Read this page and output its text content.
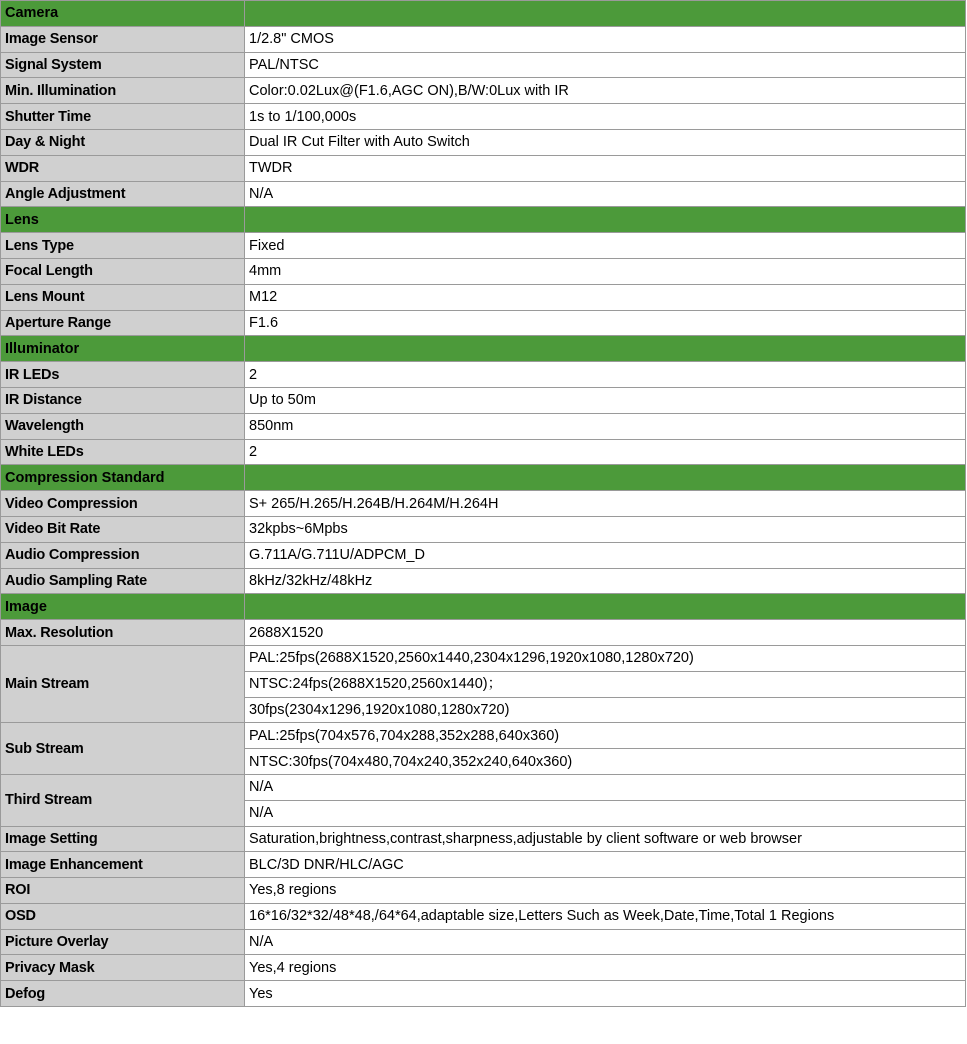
Camera	
Image Sensor	1/2.8" CMOS
Signal System	PAL/NTSC
Min. Illumination	Color:0.02Lux@(F1.6,AGC ON),B/W:0Lux with IR
Shutter Time	1s to 1/100,000s
Day & Night	Dual IR Cut Filter with Auto Switch
WDR	TWDR
Angle Adjustment	N/A
Lens	
Lens Type	Fixed
Focal Length	4mm
Lens Mount	M12
Aperture Range	F1.6
Illuminator	
IR LEDs	2
IR Distance	Up to 50m
Wavelength	850nm
White LEDs	2
Compression Standard	
Video Compression	S+ 265/H.265/H.264B/H.264M/H.264H
Video Bit Rate	32kpbs~6Mpbs
Audio Compression	G.711A/G.711U/ADPCM_D
Audio Sampling Rate	8kHz/32kHz/48kHz
Image	
Max. Resolution	2688X1520
Main Stream	PAL:25fps(2688X1520,2560x1440,2304x1296,1920x1080,1280x720)
	NTSC:24fps(2688X1520,2560x1440)；
	30fps(2304x1296,1920x1080,1280x720)
Sub Stream	PAL:25fps(704x576,704x288,352x288,640x360)
	NTSC:30fps(704x480,704x240,352x240,640x360)
Third Stream	N/A
	N/A
Image Setting	Saturation,brightness,contrast,sharpness,adjustable by client software or web browser
Image Enhancement	BLC/3D DNR/HLC/AGC
ROI	Yes,8 regions
OSD	16*16/32*32/48*48,/64*64,adaptable size,Letters Such as Week,Date,Time,Total 1 Regions
Picture Overlay	N/A
Privacy Mask	Yes,4 regions
Defog	Yes
